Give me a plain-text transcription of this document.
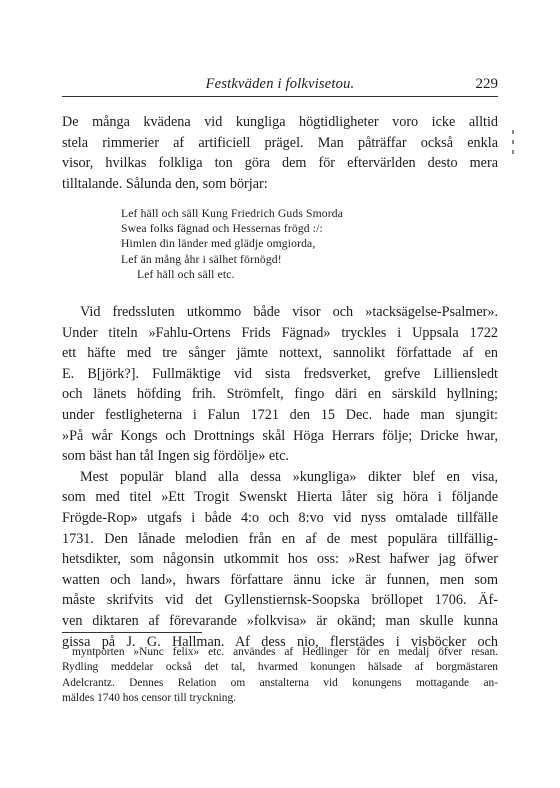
Festkväden i folkvisetou.	229
De många kvädena vid kungliga högtidligheter voro icke alltid
stela rimmerier af artificiell prägel. Man påträffar också enkla
visor, hvilkas folkliga ton göra dem för eftervärlden desto mera
tilltalande. Sålunda den, som börjar:
Lef häll och säll Kung Friedrich Guds Smorda
Swea folks fägnad och Hessernas frögd :/:
Himlen din länder med glädje omgiorda,
Lef än mång åhr i sälhet förnögd!
Lef häll och säll etc.
Vid fredssluten utkommo både visor och »tacksägelse-Psalmer».
Under titeln »Fahlu-Ortens Frids Fägnad» tryckles i Uppsala 1722
ett häfte med tre sånger jämte nottext, sannolikt författade af en
E. B[jörk?]. Fullmäktige vid sista fredsverket, grefve Lilliensledt
och länets höfding frih. Strömfelt, fingo däri en särskild hyllning;
under festligheterna i Falun 1721 den 15 Dec. hade man sjungit:
»På wår Kongs och Drottnings skål Höga Herrars följe; Dricke hwar,
som bäst han tål Ingen sig fördölje» etc.
Mest populär bland alla dessa »kungliga» dikter blef en visa,
som med titel »Ett Trogit Swenskt Hierta låter sig höra i följande
Frögde-Rop» utgafs i både 4:o och 8:vo vid nyss omtalade tillfälle
1731. Den lånade melodien från en af de mest populära tillfällig-
hetsdikter, som någonsin utkommit hos oss: »Rest hafwer jag öfwer
watten och land», hwars författare ännu icke är funnen, men som
måste skrifvits vid det Gyllenstiernsk-Soopska bröllopet 1706. Äf-
ven diktaren af förevarande »folkvisa» är okänd; man skulle kunna
gissa på J. G. Hallman. Af dess nio, flerstädes i visböcker och
myntporten »Nunc felix» etc. användes af Hedlinger för en medalj öfver resan.
Rydling meddelar också det tal, hvarmed konungen hälsade af borgmästaren
Adelcrantz. Dennes Relation om anstalterna vid konungens mottagande an-
mäldes 1740 hos censor till tryckning.
